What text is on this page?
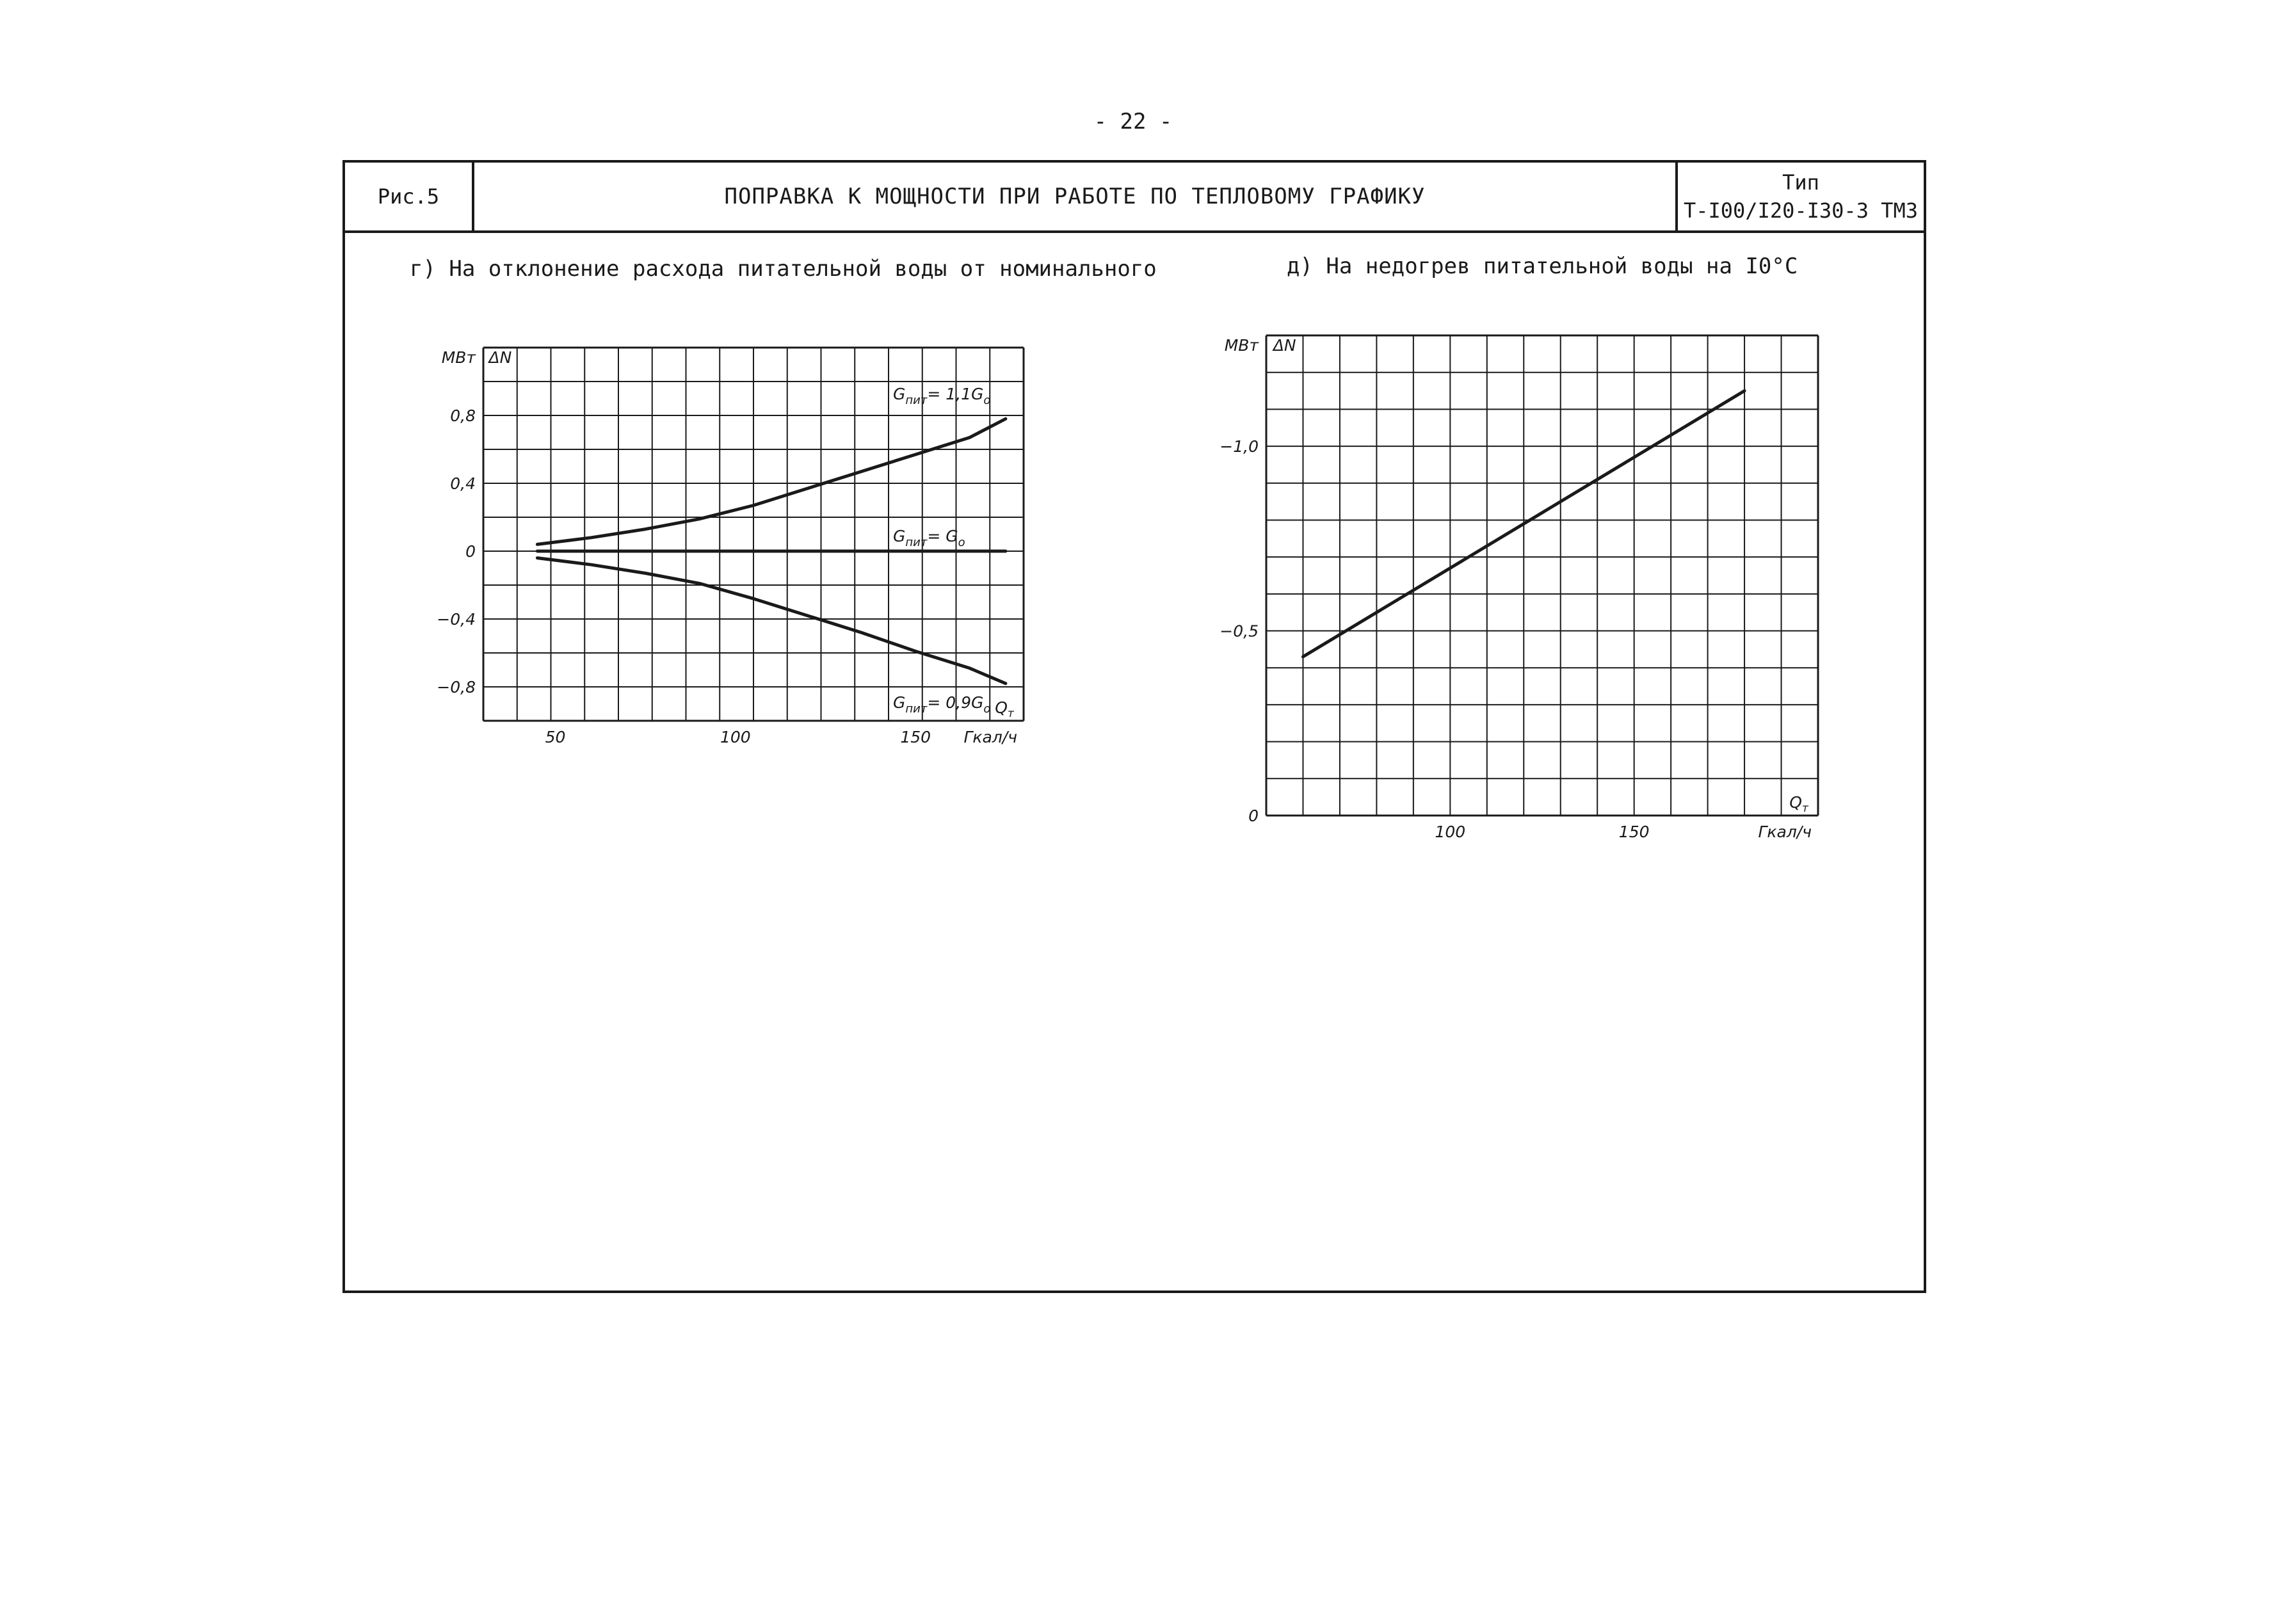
- 22 -
Рис.5	ПОПРАВКА К МОЩНОСТИ ПРИ РАБОТЕ ПО ТЕПЛОВОМУ ГРАФИКУ
Тип
Т-I00/I20-I30-3 ТМЗ
г) На отклонение расхода питательной воды от номинального	д) На недогрев питательной воды на I0°C
0,8
0,4
0
−0,4
−0,8
50	100	150
МВт ΔN
$Q_т$
Гкал/ч
$G_{пит}= 1,1G_о$
$G_{пит}= G_о$
$G_{пит}= 0,9G_о$
−1,0
−0,5
0
100	150
МВт ΔN
$Q_т$
Гкал/ч
